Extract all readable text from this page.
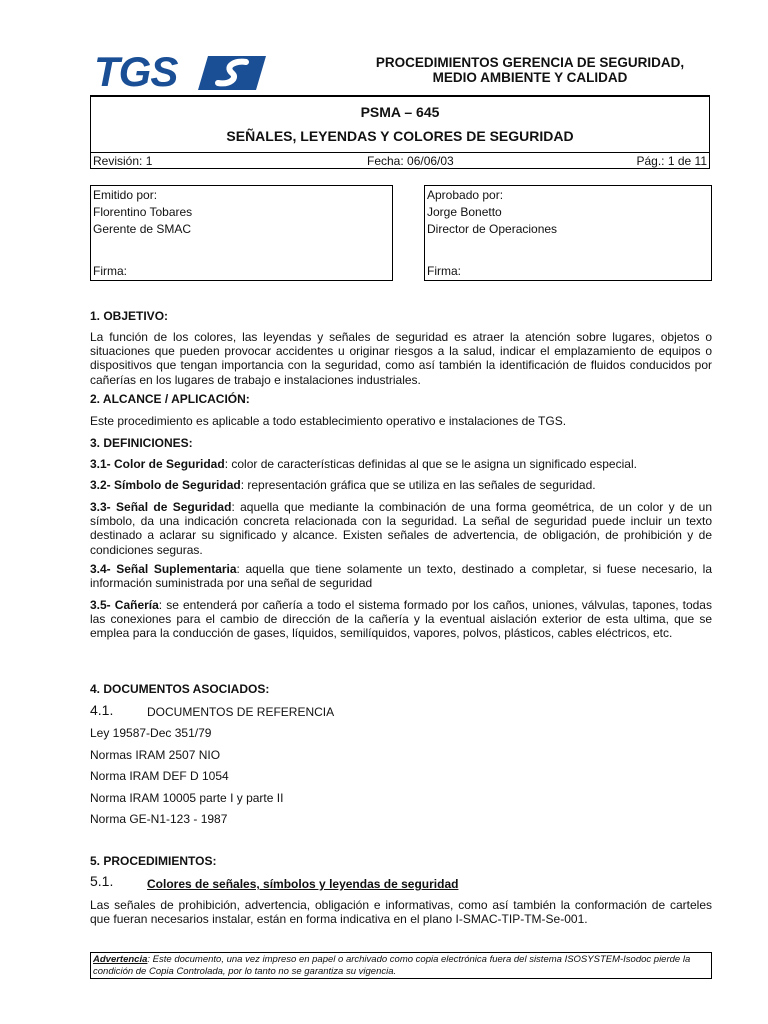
TGS	PROCEDIMIENTOS GERENCIA DE SEGURIDAD,
MEDIO AMBIENTE Y CALIDAD
PSMA – 645
SEÑALES, LEYENDAS Y COLORES DE SEGURIDAD
Revisión: 1	Fecha: 06/06/03	Pág.: 1 de 11
Emitido por:
Florentino Tobares
Gerente de SMAC
Firma:
Aprobado por:
Jorge Bonetto
Director de Operaciones
Firma:
1. OBJETIVO:
La función de los colores, las leyendas y señales de seguridad es atraer la atención sobre lugares, objetos o situaciones que pueden provocar accidentes u originar riesgos a la salud, indicar el emplazamiento de equipos o dispositivos que tengan importancia con la seguridad, como así también la identificación de fluidos conducidos por cañerías en los lugares de trabajo e instalaciones industriales.
2. ALCANCE / APLICACIÓN:
Este procedimiento es aplicable a todo establecimiento operativo e instalaciones de TGS.
3. DEFINICIONES:
3.1- Color de Seguridad: color de características definidas al que se le asigna un significado especial.
3.2- Símbolo de Seguridad: representación gráfica que se utiliza en las señales de seguridad.
3.3- Señal de Seguridad: aquella que mediante la combinación de una forma geométrica, de un color y de un símbolo, da una indicación concreta relacionada con la seguridad. La señal de seguridad puede incluir un texto destinado a aclarar su significado y alcance. Existen señales de advertencia, de obligación, de prohibición y de condiciones seguras.
3.4- Señal Suplementaria: aquella que tiene solamente un texto, destinado a completar, si fuese necesario, la información suministrada por una señal de seguridad
3.5- Cañería: se entenderá por cañería a todo el sistema formado por los caños, uniones, válvulas, tapones, todas las conexiones para el cambio de dirección de la cañería y la eventual aislación exterior de esta ultima, que se emplea para la conducción de gases, líquidos, semilíquidos, vapores, polvos, plásticos, cables eléctricos, etc.
4. DOCUMENTOS ASOCIADOS:
4.1.	DOCUMENTOS DE REFERENCIA
Ley 19587-Dec 351/79
Normas IRAM 2507 NIO
Norma IRAM DEF D 1054
Norma IRAM 10005 parte I y parte II
Norma GE-N1-123 - 1987
5. PROCEDIMIENTOS:
5.1.	Colores de señales, símbolos y leyendas de seguridad
Las señales de prohibición, advertencia, obligación e informativas, como así también la conformación de carteles que fueran necesarios instalar, están en forma indicativa en el plano I-SMAC-TIP-TM-Se-001.
Advertencia: Este documento, una vez impreso en papel o archivado como copia electrónica fuera del sistema ISOSYSTEM-Isodoc pierde la condición de Copia Controlada, por lo tanto no se garantiza su vigencia.
